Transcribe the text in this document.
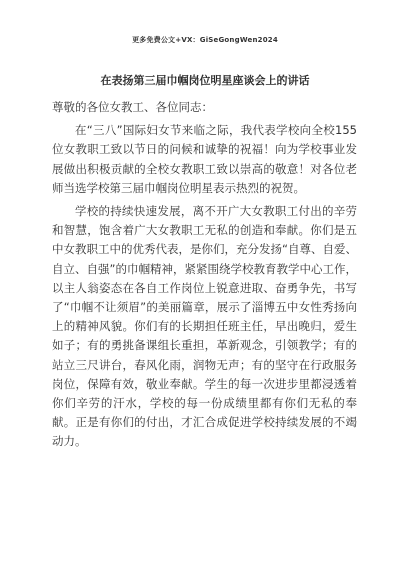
更多免费公文+VX：GiSeGongWen2024
在表扬第三届巾帼岗位明星座谈会上的讲话

尊敬的各位女教工、各位同志：

在“三八”国际妇女节来临之际，我代表学校向全校155位女教职工致以节日的问候和诚挚的祝福！向为学校事业发展做出积极贡献的全校女教职工致以崇高的敬意！对各位老师当选学校第三届巾帼岗位明星表示热烈的祝贺。

学校的持续快速发展，离不开广大女教职工付出的辛劳和智慧，饱含着广大女教职工无私的创造和奉献。你们是五中女教职工中的优秀代表，是你们，充分发扬“自尊、自爱、自立、自强”的巾帼精神，紧紧围绕学校教育教学中心工作，以主人翁姿态在各自工作岗位上锐意进取、奋勇争先，书写了“巾帼不让须眉”的美丽篇章，展示了淄博五中女性秀扬向上的精神风貌。你们有的长期担任班主任，早出晚归，爱生如子；有的勇挑备课组长重担，革新观念，引领教学；有的站立三尺讲台，春风化雨，润物无声；有的坚守在行政服务岗位，保障有效，敬业奉献。学生的每一次进步里都浸透着你们辛劳的汗水，学校的每一份成绩里都有你们无私的奉献。正是有你们的付出，才汇合成促进学校持续发展的不竭动力。
